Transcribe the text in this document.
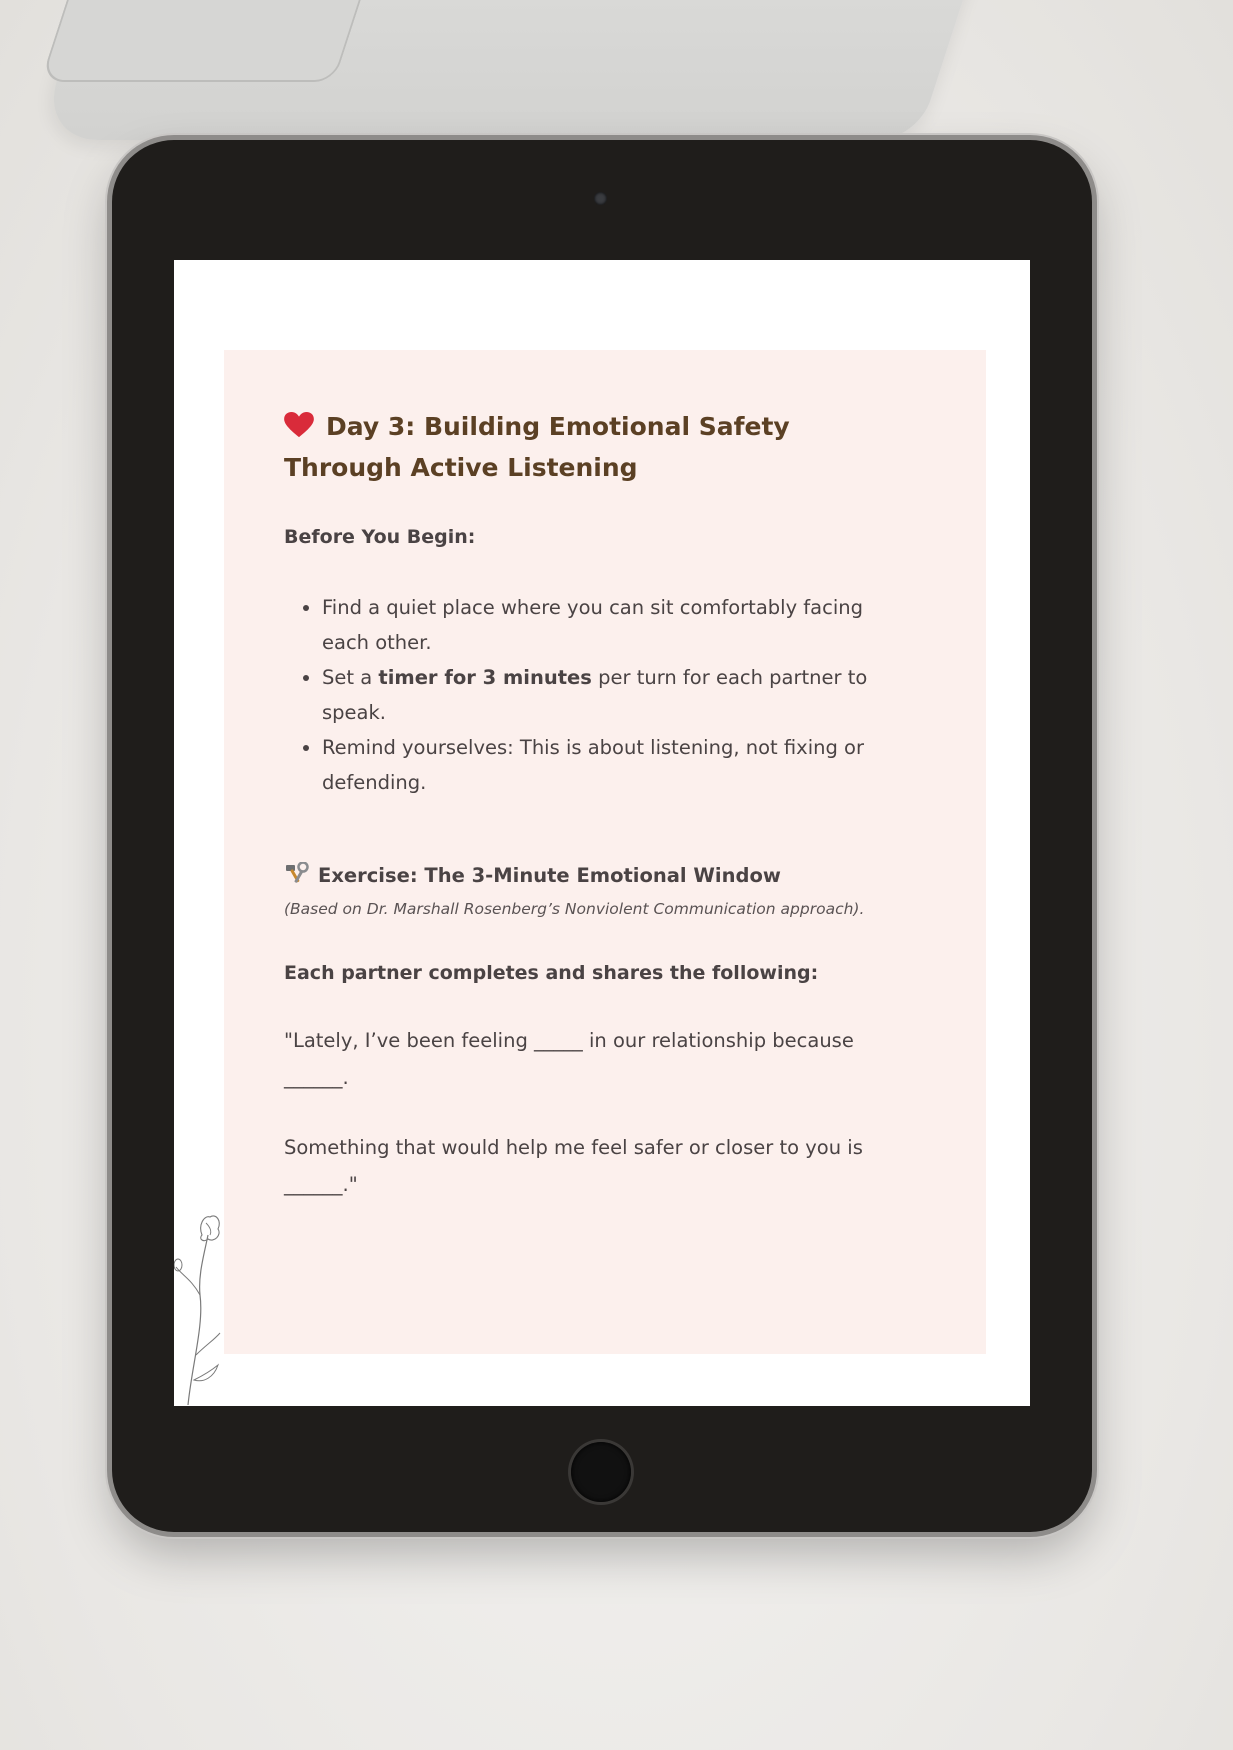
Day 3: Building Emotional Safety Through Active Listening

Before You Begin:

• Find a quiet place where you can sit comfortably facing each other.
• Set a timer for 3 minutes per turn for each partner to speak.
• Remind yourselves: This is about listening, not fixing or defending.

Exercise: The 3-Minute Emotional Window

(Based on Dr. Marshall Rosenberg’s Nonviolent Communication approach).

Each partner completes and shares the following:

"Lately, I’ve been feeling _____ in our relationship because ______.

Something that would help me feel safer or closer to you is ______."
